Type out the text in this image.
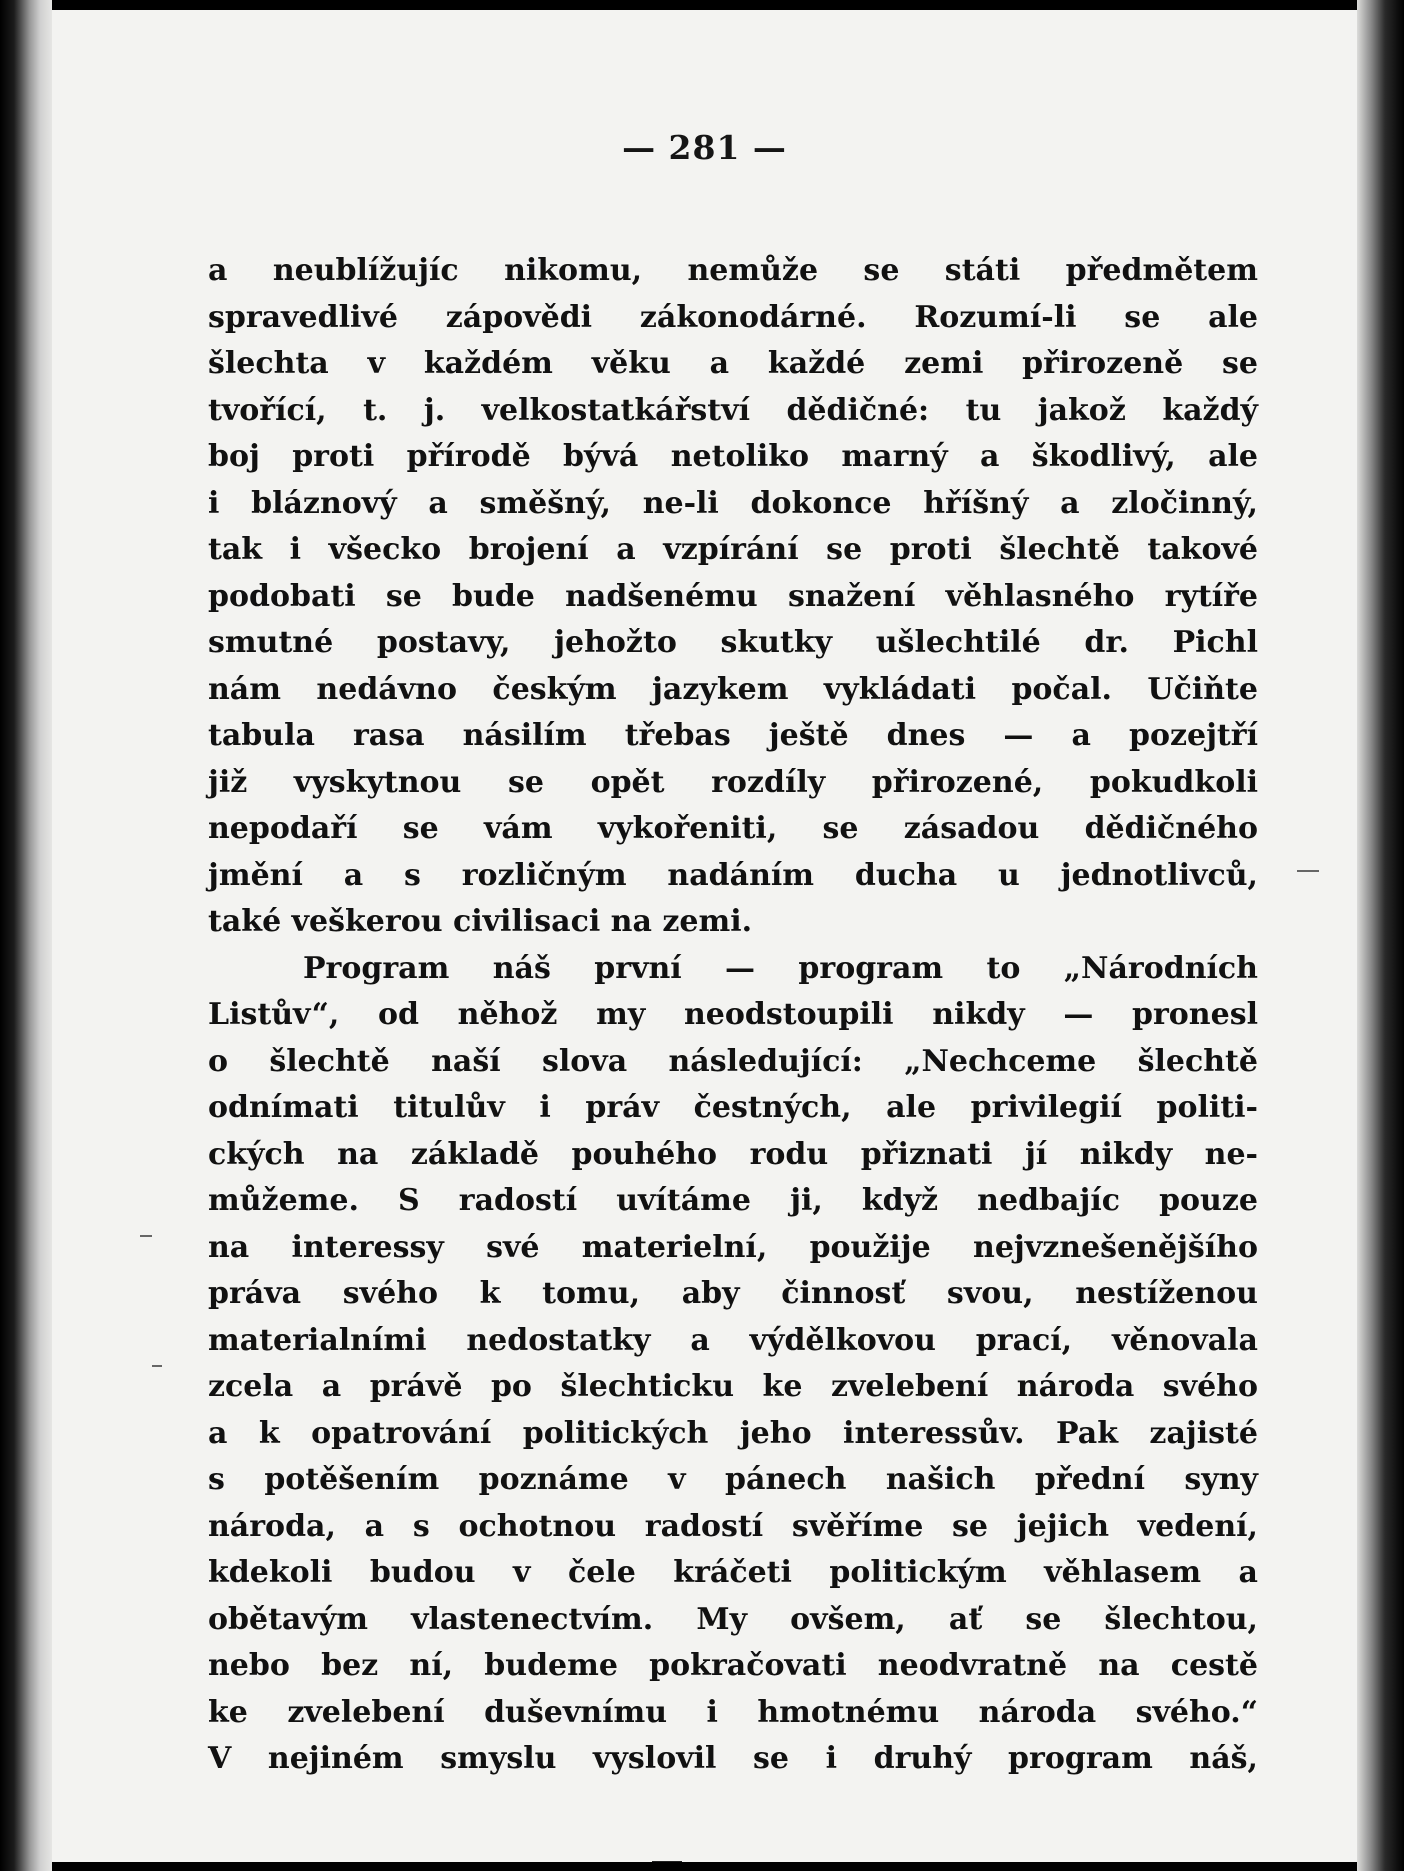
— 281 —
a neublížujíc nikomu, nemůže se státi předmětem
spravedlivé zápovědi zákonodárné. Rozumí-li se ale
šlechta v každém věku a každé zemi přirozeně se
tvořící, t. j. velkostatkářství dědičné: tu jakož každý
boj proti přírodě bývá netoliko marný a škodlivý, ale
i bláznový a směšný, ne-li dokonce hříšný a zločinný,
tak i všecko brojení a vzpírání se proti šlechtě takové
podobati se bude nadšenému snažení věhlasného rytíře
smutné postavy, jehožto skutky ušlechtilé dr. Pichl
nám nedávno českým jazykem vykládati počal. Učiňte
tabula rasa násilím třebas ještě dnes — a pozejtří
již vyskytnou se opět rozdíly přirozené, pokudkoli
nepodaří se vám vykořeniti, se zásadou dědičného
jmění a s rozličným nadáním ducha u jednotlivců,
také veškerou civilisaci na zemi.
Program náš první — program to „Národních
Listův“, od něhož my neodstoupili nikdy — pronesl
o šlechtě naší slova následující: „Nechceme šlechtě
odnímati titulův i práv čestných, ale privilegií politi-
ckých na základě pouhého rodu přiznati jí nikdy ne-
můžeme. S radostí uvítáme ji, když nedbajíc pouze
na interessy své materielní, použije nejvznešenějšího
práva svého k tomu, aby činnosť svou, nestíženou
materialními nedostatky a výdělkovou prací, věnovala
zcela a právě po šlechticku ke zvelebení národa svého
a k opatrování politických jeho interessův. Pak zajisté
s potěšením poznáme v pánech našich přední syny
národa, a s ochotnou radostí svěříme se jejich vedení,
kdekoli budou v čele kráčeti politickým věhlasem a
obětavým vlastenectvím. My ovšem, ať se šlechtou,
nebo bez ní, budeme pokračovati neodvratně na cestě
ke zvelebení duševnímu i hmotnému národa svého.“
V nejiném smyslu vyslovil se i druhý program náš,
